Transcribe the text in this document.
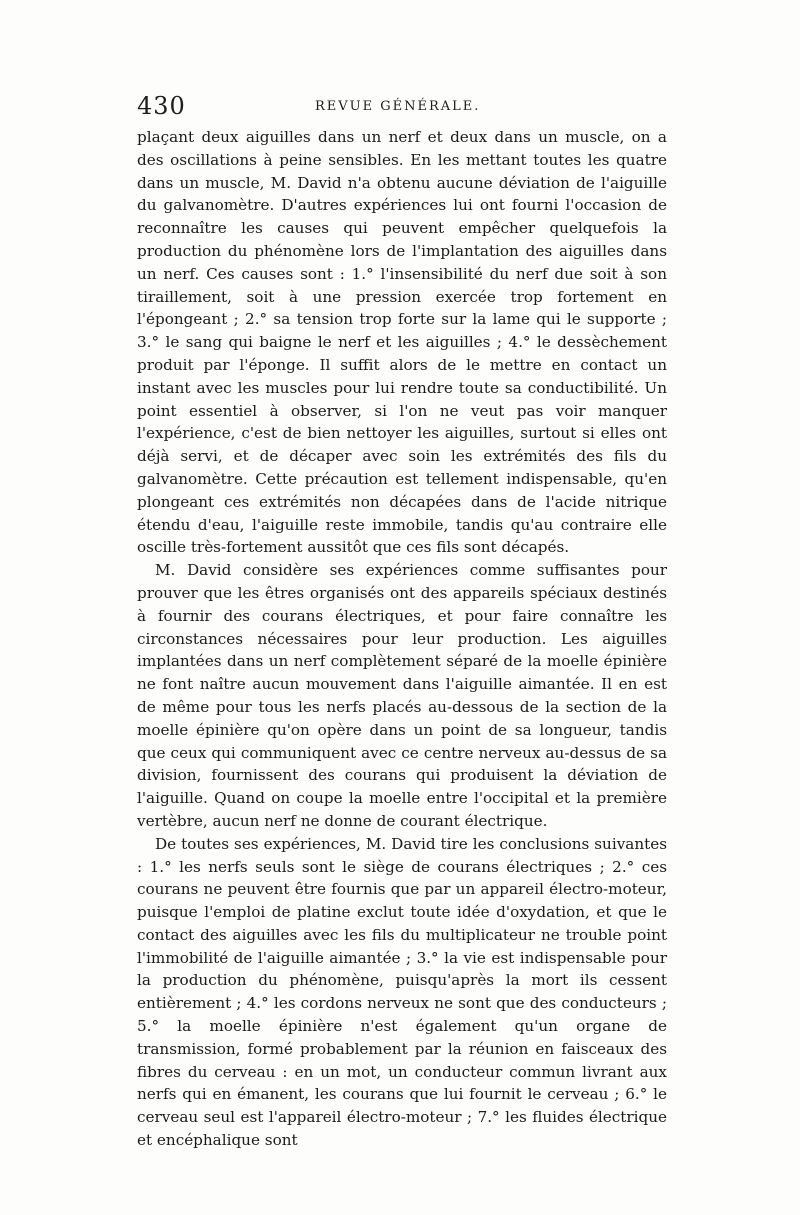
430	REVUE GÉNÉRALE.

plaçant deux aiguilles dans un nerf et deux dans un muscle, on a des oscillations à peine sensibles. En les mettant toutes les quatre dans un muscle, M. David n'a obtenu aucune déviation de l'aiguille du galvanomètre. D'autres expériences lui ont fourni l'occasion de reconnaître les causes qui peuvent empêcher quelquefois la production du phénomène lors de l'implantation des aiguilles dans un nerf. Ces causes sont : 1.° l'insensibilité du nerf due soit à son tiraillement, soit à une pression exercée trop fortement en l'épongeant ; 2.° sa tension trop forte sur la lame qui le supporte ; 3.° le sang qui baigne le nerf et les aiguilles ; 4.° le dessèchement produit par l'éponge. Il suffit alors de le mettre en contact un instant avec les muscles pour lui rendre toute sa conductibilité. Un point essentiel à observer, si l'on ne veut pas voir manquer l'expérience, c'est de bien nettoyer les aiguilles, surtout si elles ont déjà servi, et de décaper avec soin les extrémités des fils du galvanomètre. Cette précaution est tellement indispensable, qu'en plongeant ces extrémités non décapées dans de l'acide nitrique étendu d'eau, l'aiguille reste immobile, tandis qu'au contraire elle oscille très-fortement aussitôt que ces fils sont décapés.

M. David considère ses expériences comme suffisantes pour prouver que les êtres organisés ont des appareils spéciaux destinés à fournir des courans électriques, et pour faire connaître les circonstances nécessaires pour leur production. Les aiguilles implantées dans un nerf complètement séparé de la moelle épinière ne font naître aucun mouvement dans l'aiguille aimantée. Il en est de même pour tous les nerfs placés au-dessous de la section de la moelle épinière qu'on opère dans un point de sa longueur, tandis que ceux qui communiquent avec ce centre nerveux au-dessus de sa division, fournissent des courans qui produisent la déviation de l'aiguille. Quand on coupe la moelle entre l'occipital et la première vertèbre, aucun nerf ne donne de courant électrique.

De toutes ses expériences, M. David tire les conclusions suivantes : 1.° les nerfs seuls sont le siège de courans électriques ; 2.° ces courans ne peuvent être fournis que par un appareil électro-moteur, puisque l'emploi de platine exclut toute idée d'oxydation, et que le contact des aiguilles avec les fils du multiplicateur ne trouble point l'immobilité de l'aiguille aimantée ; 3.° la vie est indispensable pour la production du phénomène, puisqu'après la mort ils cessent entièrement ; 4.° les cordons nerveux ne sont que des conducteurs ; 5.° la moelle épinière n'est également qu'un organe de transmission, formé probablement par la réunion en faisceaux des fibres du cerveau : en un mot, un conducteur commun livrant aux nerfs qui en émanent, les courans que lui fournit le cerveau ; 6.° le cerveau seul est l'appareil électro-moteur ; 7.° les fluides électrique et encéphalique sont
